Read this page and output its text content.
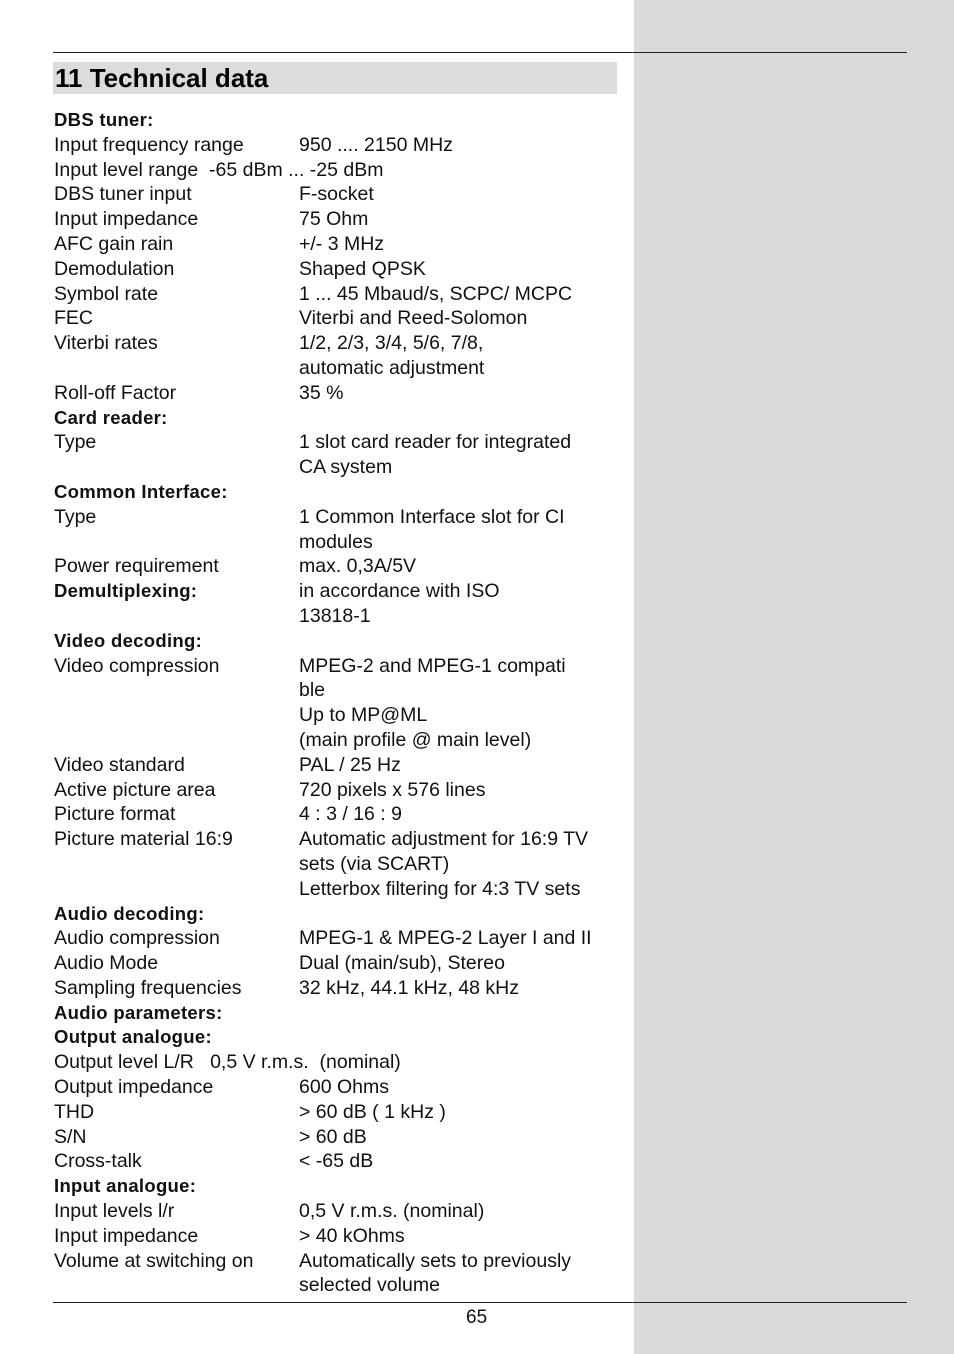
11 Technical data
DBS tuner:
Input frequency range	950 .... 2150 MHz
Input level range  -65 dBm ... -25 dBm
DBS tuner input	F-socket
Input impedance	75 Ohm
AFC gain rain	+/- 3 MHz
Demodulation	Shaped QPSK
Symbol rate	1 ... 45 Mbaud/s, SCPC/ MCPC
FEC	Viterbi and Reed-Solomon
Viterbi rates	1/2, 2/3, 3/4, 5/6, 7/8,
automatic adjustment
Roll-off Factor	35 %
Card reader:
Type	1 slot card reader for integrated
CA system
Common Interface:
Type	1 Common Interface slot for CI
modules
Power requirement	max. 0,3A/5V
Demultiplexing:	in accordance with ISO
13818-1
Video decoding:
Video compression	MPEG-2 and MPEG-1 compati
ble
Up to MP@ML
(main profile @ main level)
Video standard	PAL / 25 Hz
Active picture area	720 pixels x 576 lines
Picture format	4 : 3 / 16 : 9
Picture material 16:9	Automatic adjustment for 16:9 TV
sets (via SCART)
Letterbox filtering for 4:3 TV sets
Audio decoding:
Audio compression	MPEG-1 & MPEG-2 Layer I and II
Audio Mode	Dual (main/sub), Stereo
Sampling frequencies	32 kHz, 44.1 kHz, 48 kHz
Audio parameters:
Output analogue:
Output level L/R   0,5 V r.m.s.  (nominal)
Output impedance	600 Ohms
THD	> 60 dB ( 1 kHz )
S/N	> 60 dB
Cross-talk	< -65 dB
Input analogue:
Input levels l/r	0,5 V r.m.s. (nominal)
Input impedance	> 40 kOhms
Volume at switching on	Automatically sets to previously
selected volume
65
